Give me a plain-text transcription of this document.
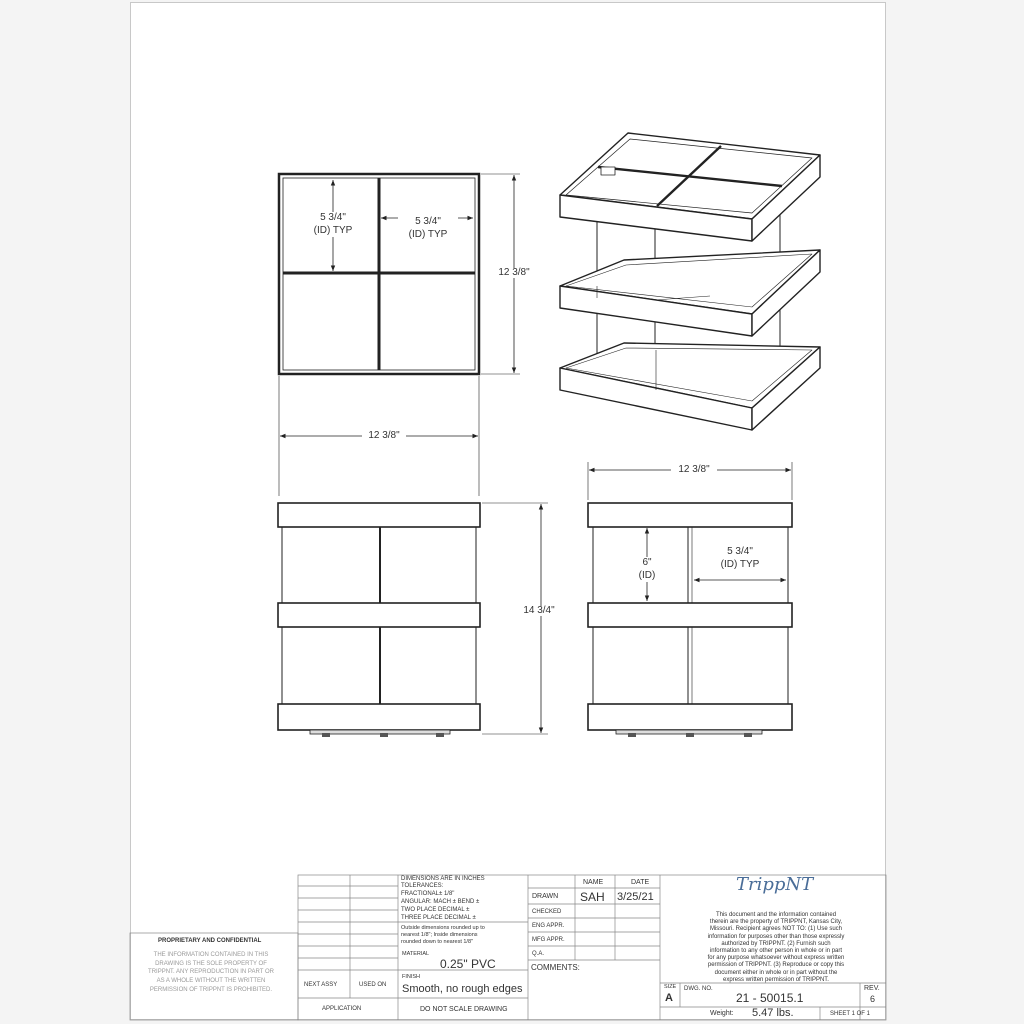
5 3/4"
(ID) TYP
5 3/4"
(ID) TYP
12 3/8"
12 3/8"
14 3/4"
12 3/8"
6"
(ID)
5 3/4"
(ID) TYP
PROPRIETARY AND CONFIDENTIAL
THE INFORMATION CONTAINED IN THIS DRAWING IS THE SOLE PROPERTY OF TRIPPNT. ANY REPRODUCTION IN PART OR AS A WHOLE WITHOUT THE WRITTEN PERMISSION OF TRIPPNT IS PROHIBITED.
NEXT ASSY	USED ON
APPLICATION
DIMENSIONS ARE IN INCHES
TOLERANCES:
FRACTIONAL± 1/8"
ANGULAR: MACH ± BEND ±
TWO PLACE DECIMAL ±
THREE PLACE DECIMAL ±
Outside dimensions rounded up to nearest 1/8"; Inside dimensions rounded down to nearest 1/8"
MATERIAL
0.25" PVC
FINISH
Smooth, no rough edges
DO NOT SCALE DRAWING
NAME	DATE
DRAWN SAH 3/25/21
CHECKED
ENG APPR.
MFG APPR.
Q.A.
COMMENTS:
TrippNT
This document and the information contained therein are the property of TRIPPNT, Kansas City, Missouri. Recipient agrees NOT TO: (1) Use such information for purposes other than those expressly authorized by TRIPPNT. (2) Furnish such information to any other person in whole or in part for any purpose whatsoever without express written permission of TRIPPNT. (3) Reproduce or copy this document either in whole or in part without the express written permission of TRIPPNT.
SIZE
A
DWG. NO.
21 - 50015.1
REV.
6
Weight: 5.47 lbs.	SHEET 1 OF 1
